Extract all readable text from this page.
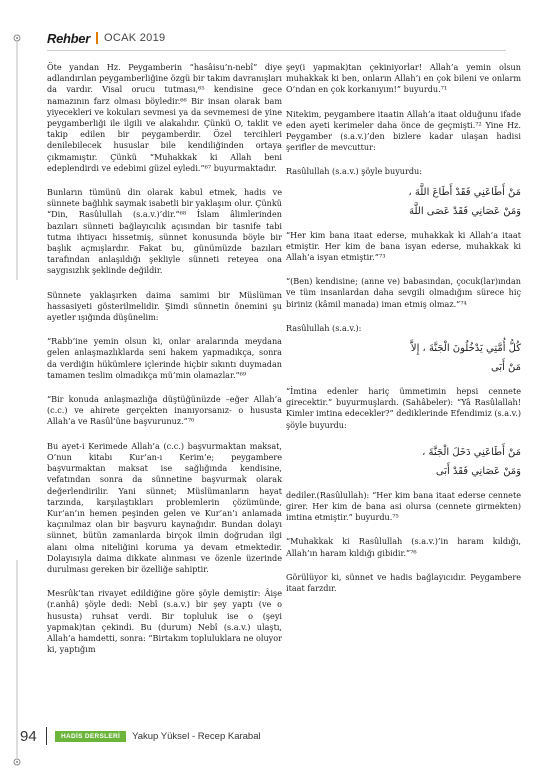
Rehber OCAK 2019

Öte yandan Hz. Peygamberin “hasâisu’n-nebî” diye adlandırılan peygamberliğine özgü bir takım davranışları da vardır. Visal orucu tutması,⁶⁵ kendisine gece namazının farz olması böyledir.⁶⁶ Bir insan olarak bam yiyecekleri ve kokuları sevmesi ya da sevmemesi de yine peygamberliği ile ilgili ve alakalıdır. Çünkü O, taklit ve takip edilen bir peygamberdir. Özel tercihleri denilebilecek hususlar bile kendiliğinden ortaya çıkmamıştır. Çünkü “Muhakkak ki Allah beni edeplendirdi ve edebimi güzel eyledi.”⁶⁷ buyurmaktadır.

Bunların tümünü din olarak kabul etmek, hadis ve sünnete bağlılık saymak isabetli bir yaklaşım olur. Çünkü “Din, Rasûlullah (s.a.v.)’dir.”⁶⁸ İslam âlimlerinden bazıları sünneti bağlayıcılık açısından bir tasnife tabi tutma ihtiyacı hissetmiş, sünnet konusunda böyle bir başlık açmışlardır. Fakat bu, günümüzde bazıları tarafından anlaşıldığı şekliyle sünneti reteyea ona saygısızlık şeklinde değildir.

Sünnete yaklaşırken daima samimi bir Müslüman hassasiyeti gösterilmelidir. Şimdi sünnetin önemini şu ayetler ışığında düşünelim:

“Rabb’ine yemin olsun ki, onlar aralarında meydana gelen anlaşmazlıklarda seni hakem yapmadıkça, sonra da verdiğin hükümlere içlerinde hiçbir sıkıntı duymadan tamamen teslim olmadıkça mü’min olamazlar.”⁶⁹

“Bir konuda anlaşmazlığa düştüğünüzde –eğer Allah’a (c.c.) ve ahirete gerçekten inanıyorsanız- o hususta Allah’a ve Rasûl’üne başvurunuz.”⁷⁰

Bu ayet-i Kerimede Allah’a (c.c.) başvurmaktan maksat, O’nun kitabı Kur’an-ı Kerim’e; peygambere başvurmaktan maksat ise sağlığında kendisine, vefatından sonra da sünnetine başvurmak olarak değerlendirilir. Yani sünnet; Müslümanların hayat tarzında, karşılaştıkları problemlerin çözümünde, Kur’an’ın hemen peşinden gelen ve Kur’an’ı anlamada kaçınılmaz olan bir başvuru kaynağıdır. Bundan dolayı sünnet, bütün zamanlarda birçok ilmin doğrudan ilgi alanı olma niteliğini koruma ya devam etmektedir. Dolayısıyla daima dikkate alınması ve özenle üzerinde durulması gereken bir özelliğe sahiptir.

Mesrûk’tan rivayet edildiğine göre şöyle demiştir: Âişe (r.anhâ) şöyle dedi: Nebî (s.a.v.) bir şey yaptı (ve o hususta) ruhsat verdi. Bir topluluk ise o (şeyi yapmak)tan çekindi. Bu (durum) Nebî (s.a.v.) ulaştı, Allah’a hamdetti, sonra: “Birtakım topluluklara ne oluyor ki, yaptığım

şey(i yapmak)tan çekiniyorlar! Allah’a yemin olsun muhakkak ki ben, onların Allah’ı en çok bileni ve onlarm O’ndan en çok korkanıyım!” buyurdu.⁷¹

Nitekim, peygambere itaatin Allah’a itaat olduğunu ifade eden ayeti kerimeler daha önce de geçmişti.⁷² Yine Hz. Peygamber (s.a.v.)’den bizlere kadar ulaşan hadisi şerifler de mevcuttur:

Rasûlullah (s.a.v.) şöyle buyurdu:

مَنْ أَطَاعَنِي فَقَدْ أَطَاعَ اللَّهَ ،
وَمَنْ عَصَانِي فَقَدْ عَصَى اللَّهَ

“Her kim bana itaat ederse, muhakkak ki Allah’a itaat etmiştir. Her kim de bana isyan ederse, muhakkak ki Allah’a isyan etmiştir.”⁷³

“(Ben) kendisine; (anne ve) babasından, çocuk(lar)ından ve tüm insanlardan daha sevgili olmadığım sürece hiç biriniz (kâmil manada) iman etmiş olmaz.”⁷⁴

Rasûlullah (s.a.v.):

كُلُّ أُمَّتِي يَدْخُلُونَ الْجَنَّةَ ، إِلاَّ
مَنْ أَبَى

“İmtina edenler hariç ümmetimin hepsi cennete girecektir.” buyurmuşlardı. (Sahâbeler): “Yâ Rasûlallah! Kimler imtina edecekler?” dediklerinde Efendimiz (s.a.v.) şöyle buyurdu:

مَنْ أَطَاعَنِي دَخَلَ الْجَنَّةَ ،
وَمَنْ عَصَانِي فَقَدْ أَبَى

dediler.(Rasûlullah): “Her kim bana itaat ederse cennete girer. Her kim de bana asi olursa (cennete girmekten) imtina etmiştir.” buyurdu.⁷⁵

“Muhakkak ki Rasûlullah (s.a.v.)’in haram kıldığı, Allah’ın haram kıldığı gibidir.”⁷⁶

Görülüyor ki, sünnet ve hadis bağlayıcıdır. Peygambere itaat farzdır.

94	HADİS DERSLERİ	Yakup Yüksel - Recep Karabal
